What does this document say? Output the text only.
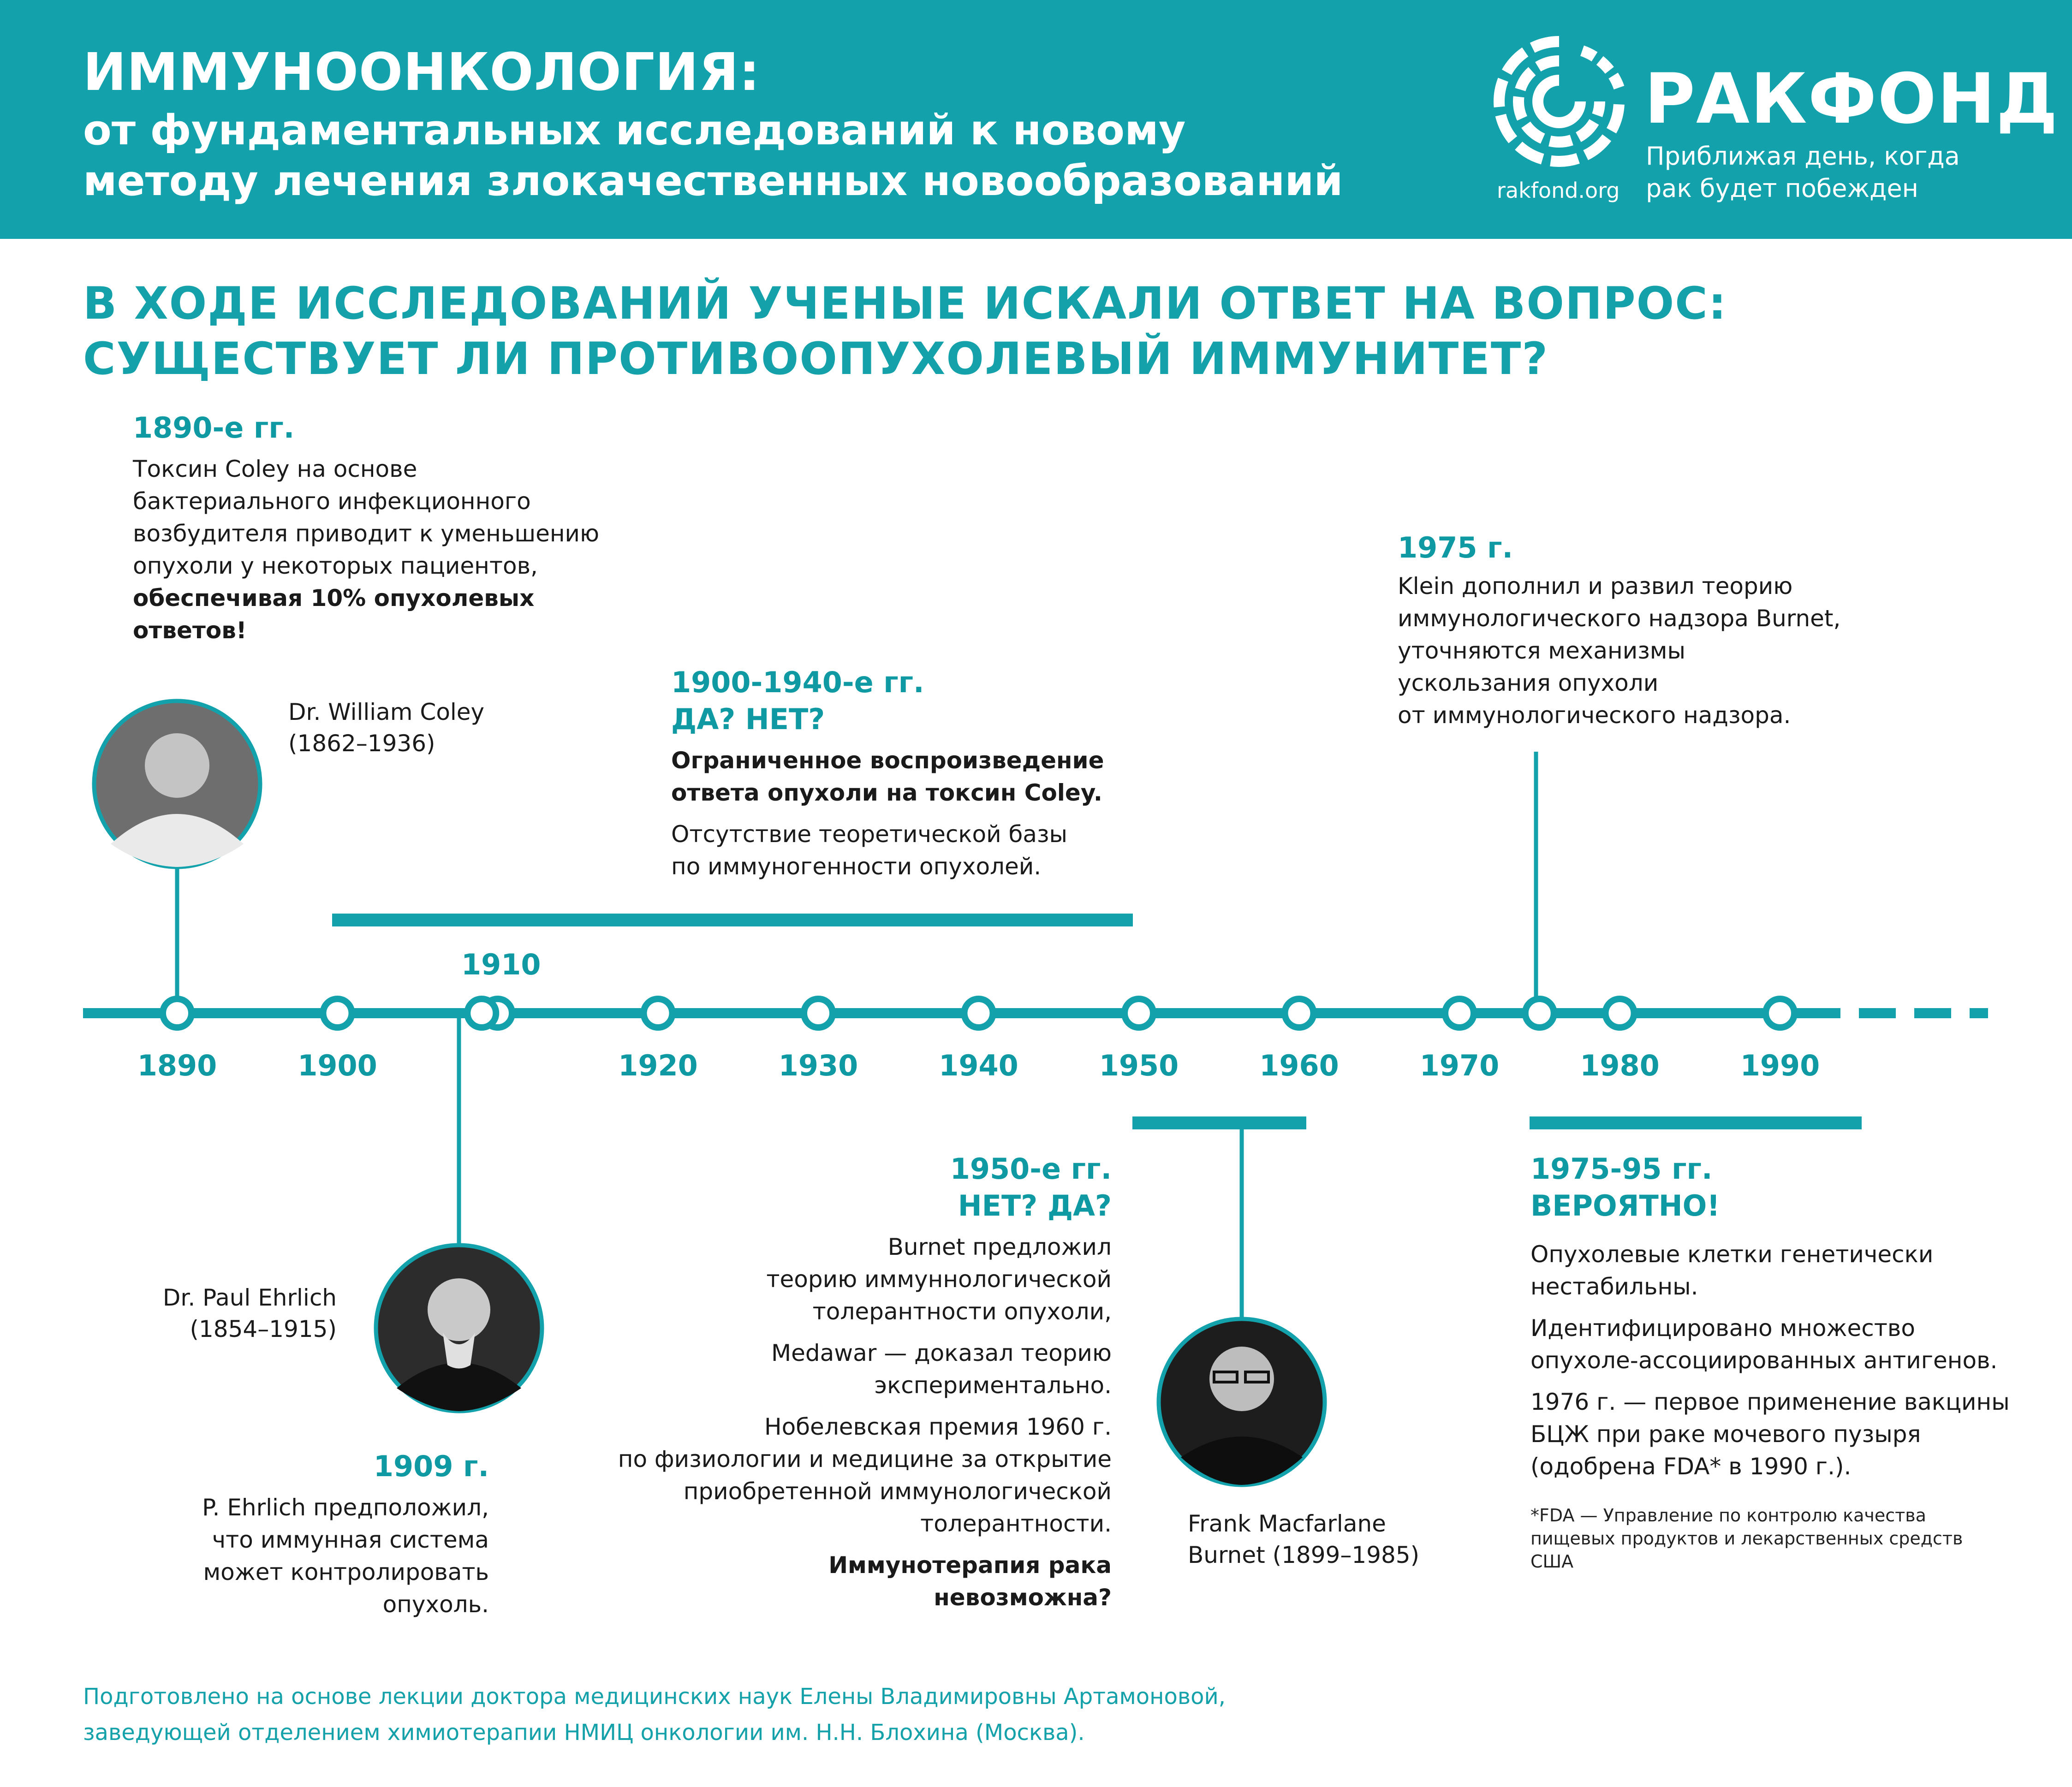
ИММУНООНКОЛОГИЯ:
от фундаментальных исследований к новому
методу лечения злокачественных новообразований
РАКФОНД
Приближая день, когда
рак будет побежден
rakfond.org
В ХОДЕ ИССЛЕДОВАНИЙ УЧЕНЫЕ ИСКАЛИ ОТВЕТ НА ВОПРОС:
СУЩЕСТВУЕТ ЛИ ПРОТИВООПУХОЛЕВЫЙ ИММУНИТЕТ?
1890	1900	1920	1930	1940	1950	1960	1970	1980	1990
1910
1890-е гг.
Токсин Coley на основе
бактериального инфекционного
возбудителя приводит к уменьшению
опухоли у некоторых пациентов,
обеспечивая 10% опухолевых
ответов!
Dr. William Coley
(1862–1936)
1900-1940-е гг.
ДА? НЕТ?
Ограниченное воспроизведение
ответа опухоли на токсин Coley.
Отсутствие теоретической базы
по иммуногенности опухолей.
1975 г.
Klein дополнил и развил теорию
иммунологического надзора Burnet,
уточняются механизмы
ускользания опухоли
от иммунологического надзора.
Dr. Paul Ehrlich
(1854–1915)
1909 г.
P. Ehrlich предположил,
что иммунная система
может контролировать
опухоль.
1950-е гг.
НЕТ? ДА?
Burnet предложил
теорию иммуннологической
толерантности опухоли,
Medawar — доказал теорию
экспериментально.
Нобелевская премия 1960 г.
по физиологии и медицине за открытие
приобретенной иммунологической
толерантности.
Иммунотерапия рака
невозможна?
Frank Macfarlane
Burnet (1899–1985)
1975-95 гг.
ВЕРОЯТНО!
Опухолевые клетки генетически
нестабильны.
Идентифицировано множество
опухоле-ассоциированных антигенов.
1976 г. — первое применение вакцины
БЦЖ при раке мочевого пузыря
(одобрена FDA* в 1990 г.).
*FDA — Управление по контролю качества
пищевых продуктов и лекарственных средств
США
Подготовлено на основе лекции доктора медицинских наук Елены Владимировны Артамоновой,
заведующей отделением химиотерапии НМИЦ онкологии им. Н.Н. Блохина (Москва).
